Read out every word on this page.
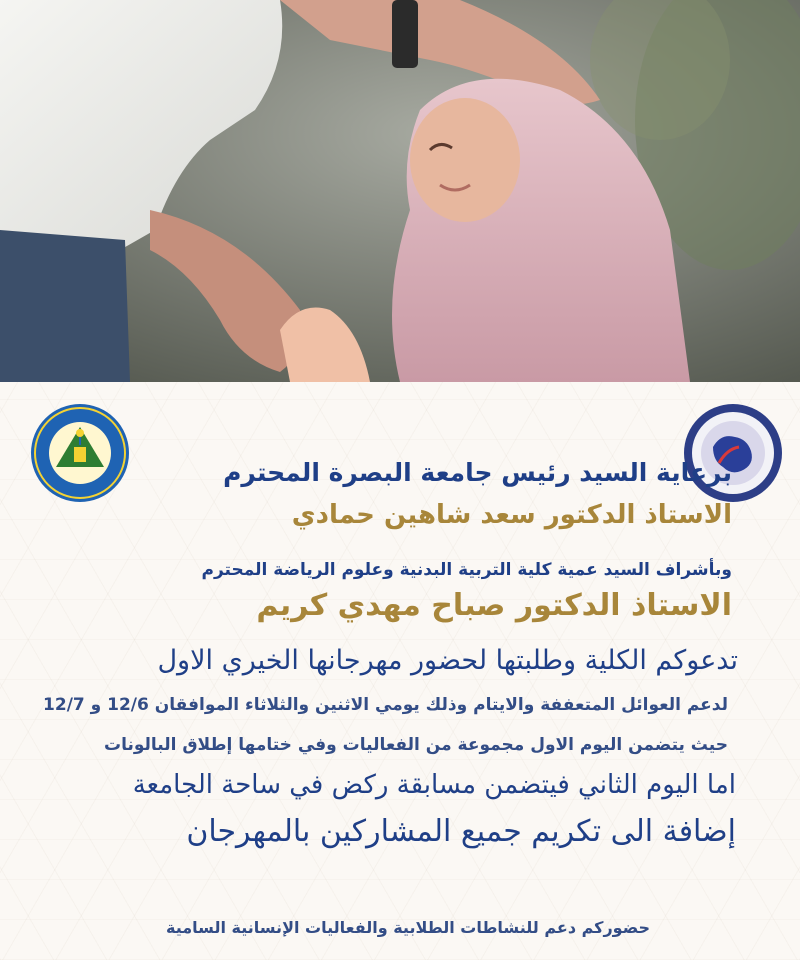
برعاية السيد رئيس جامعة البصرة المحترم
الاستاذ الدكتور سعد شاهين حمادي
وبأشراف السيد عمية كلية التربية البدنية وعلوم الرياضة المحترم
الاستاذ الدكتور صباح مهدي كريم
تدعوكم الكلية وطلبتها لحضور مهرجانها الخيري الاول
لدعم العوائل المتعففة والايتام وذلك يومي الاثنين والثلاثاء الموافقان 12/6 و 12/7
حيث يتضمن اليوم الاول مجموعة من الفعاليات وفي ختامها إطلاق البالونات
اما اليوم الثاني فيتضمن مسابقة ركض في ساحة الجامعة
إضافة الى تكريم جميع المشاركين بالمهرجان
حضوركم دعم للنشاطات الطلابية والفعاليات الإنسانية السامية
